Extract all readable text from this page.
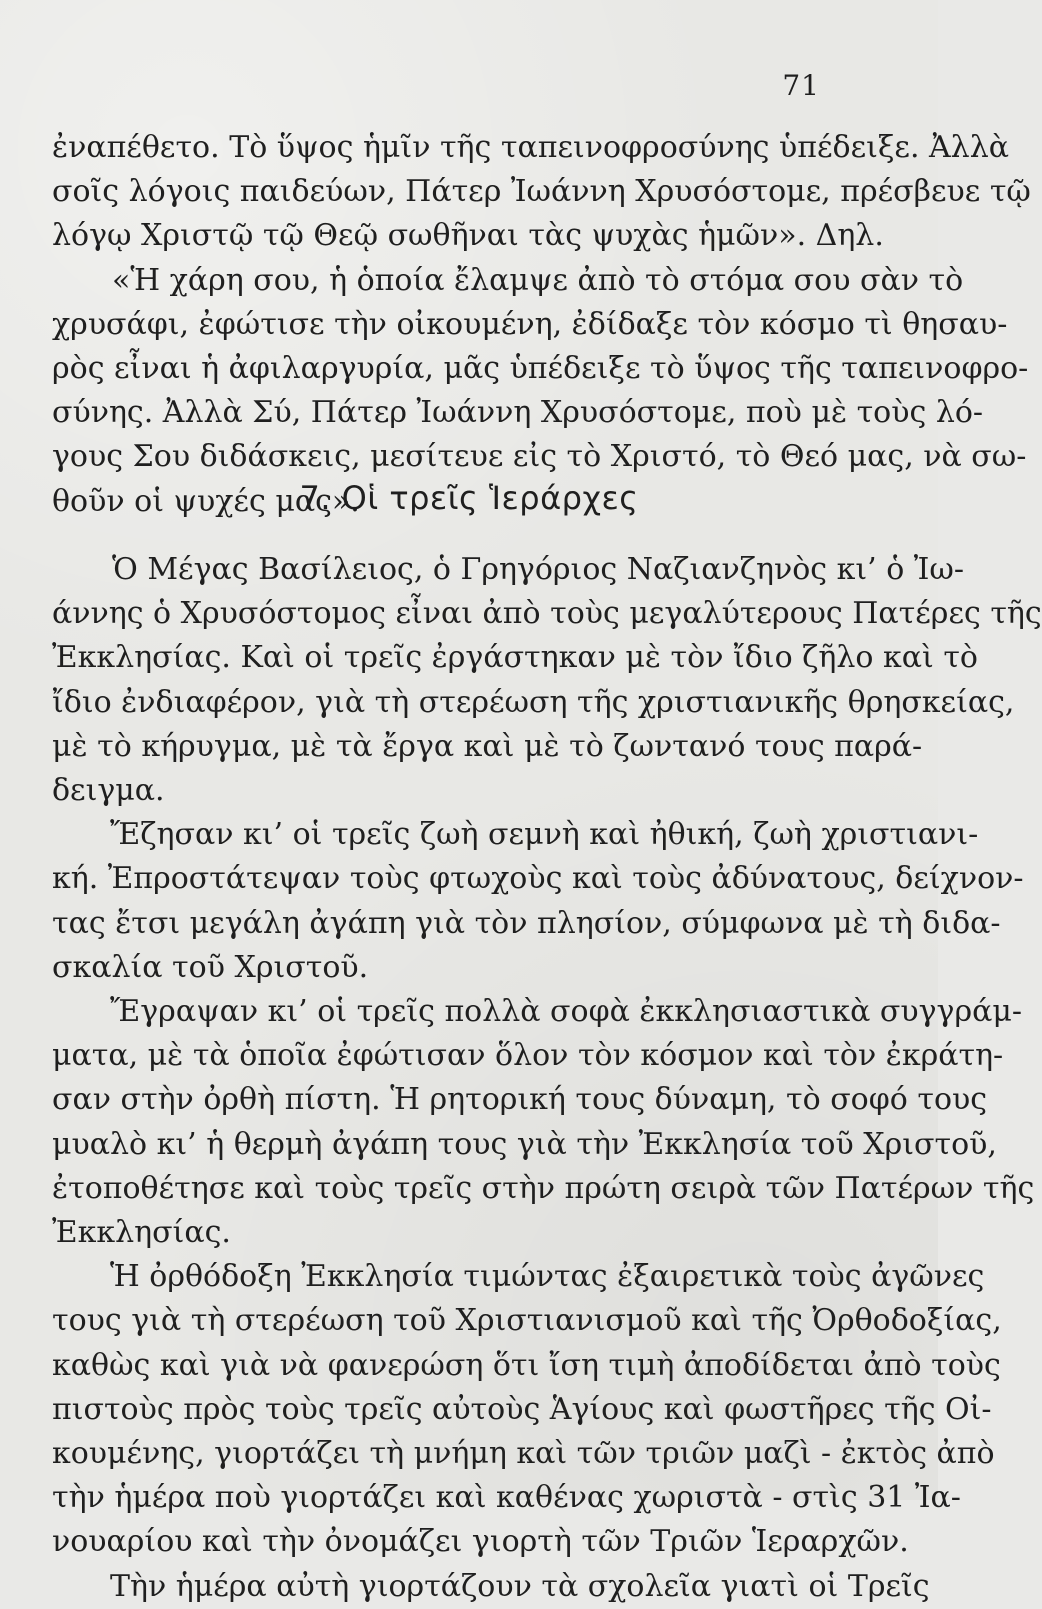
71
ἐναπέθετο. Τὸ ὕψος ἡμῖν τῆς ταπεινοφροσύνης ὑπέδειξε. Ἀλλὰ
σοῖς λόγοις παιδεύων, Πάτερ Ἰωάννη Χρυσόστομε, πρέσβευε τῷ
λόγῳ Χριστῷ τῷ Θεῷ σωθῆναι τὰς ψυχὰς ἡμῶν». Δηλ.
«Ἡ χάρη σου, ἡ ὁποία ἔλαμψε ἀπὸ τὸ στόμα σου σὰν τὸ
χρυσάφι, ἐφώτισε τὴν οἰκουμένη, ἐδίδαξε τὸν κόσμο τὶ θησαυ-
ρὸς εἶναι ἡ ἀφιλαργυρία, μᾶς ὑπέδειξε τὸ ὕψος τῆς ταπεινοφρο-
σύνης. Ἀλλὰ Σύ, Πάτερ Ἰωάννη Χρυσόστομε, ποὺ μὲ τοὺς λό-
γους Σου διδάσκεις, μεσίτευε εἰς τὸ Χριστό, τὸ Θεό μας, νὰ σω-
θοῦν οἱ ψυχές μας».
7. Οἱ τρεῖς Ἱεράρχες
Ὁ Μέγας Βασίλειος, ὁ Γρηγόριος Ναζιανζηνὸς κι’ ὁ Ἰω-
άννης ὁ Χρυσόστομος εἶναι ἀπὸ τοὺς μεγαλύτερους Πατέρες τῆς
Ἐκκλησίας. Καὶ οἱ τρεῖς ἐργάστηκαν μὲ τὸν ἴδιο ζῆλο καὶ τὸ
ἴδιο ἐνδιαφέρον, γιὰ τὴ στερέωση τῆς χριστιανικῆς θρησκείας,
μὲ τὸ κήρυγμα, μὲ τὰ ἔργα καὶ μὲ τὸ ζωντανό τους παρά-
δειγμα.
Ἔζησαν κι’ οἱ τρεῖς ζωὴ σεμνὴ καὶ ἠθική, ζωὴ χριστιανι-
κή. Ἐπροστάτεψαν τοὺς φτωχοὺς καὶ τοὺς ἀδύνατους, δείχνον-
τας ἔτσι μεγάλη ἀγάπη γιὰ τὸν πλησίον, σύμφωνα μὲ τὴ διδα-
σκαλία τοῦ Χριστοῦ.
Ἔγραψαν κι’ οἱ τρεῖς πολλὰ σοφὰ ἐκκλησιαστικὰ συγγράμ-
ματα, μὲ τὰ ὁποῖα ἐφώτισαν ὅλον τὸν κόσμον καὶ τὸν ἐκράτη-
σαν στὴν ὀρθὴ πίστη. Ἡ ρητορική τους δύναμη, τὸ σοφό τους
μυαλὸ κι’ ἡ θερμὴ ἀγάπη τους γιὰ τὴν Ἐκκλησία τοῦ Χριστοῦ,
ἐτοποθέτησε καὶ τοὺς τρεῖς στὴν πρώτη σειρὰ τῶν Πατέρων τῆς
Ἐκκλησίας.
Ἡ ὀρθόδοξη Ἐκκλησία τιμώντας ἐξαιρετικὰ τοὺς ἀγῶνες
τους γιὰ τὴ στερέωση τοῦ Χριστιανισμοῦ καὶ τῆς Ὀρθοδοξίας,
καθὼς καὶ γιὰ νὰ φανερώση ὅτι ἴση τιμὴ ἀποδίδεται ἀπὸ τοὺς
πιστοὺς πρὸς τοὺς τρεῖς αὐτοὺς Ἁγίους καὶ φωστῆρες τῆς Οἰ-
κουμένης, γιορτάζει τὴ μνήμη καὶ τῶν τριῶν μαζὶ - ἐκτὸς ἀπὸ
τὴν ἡμέρα ποὺ γιορτάζει καὶ καθένας χωριστὰ - στὶς 31 Ἰα-
νουαρίου καὶ τὴν ὀνομάζει γιορτὴ τῶν Τριῶν Ἱεραρχῶν.
Τὴν ἡμέρα αὐτὴ γιορτάζουν τὰ σχολεῖα γιατὶ οἱ Τρεῖς
